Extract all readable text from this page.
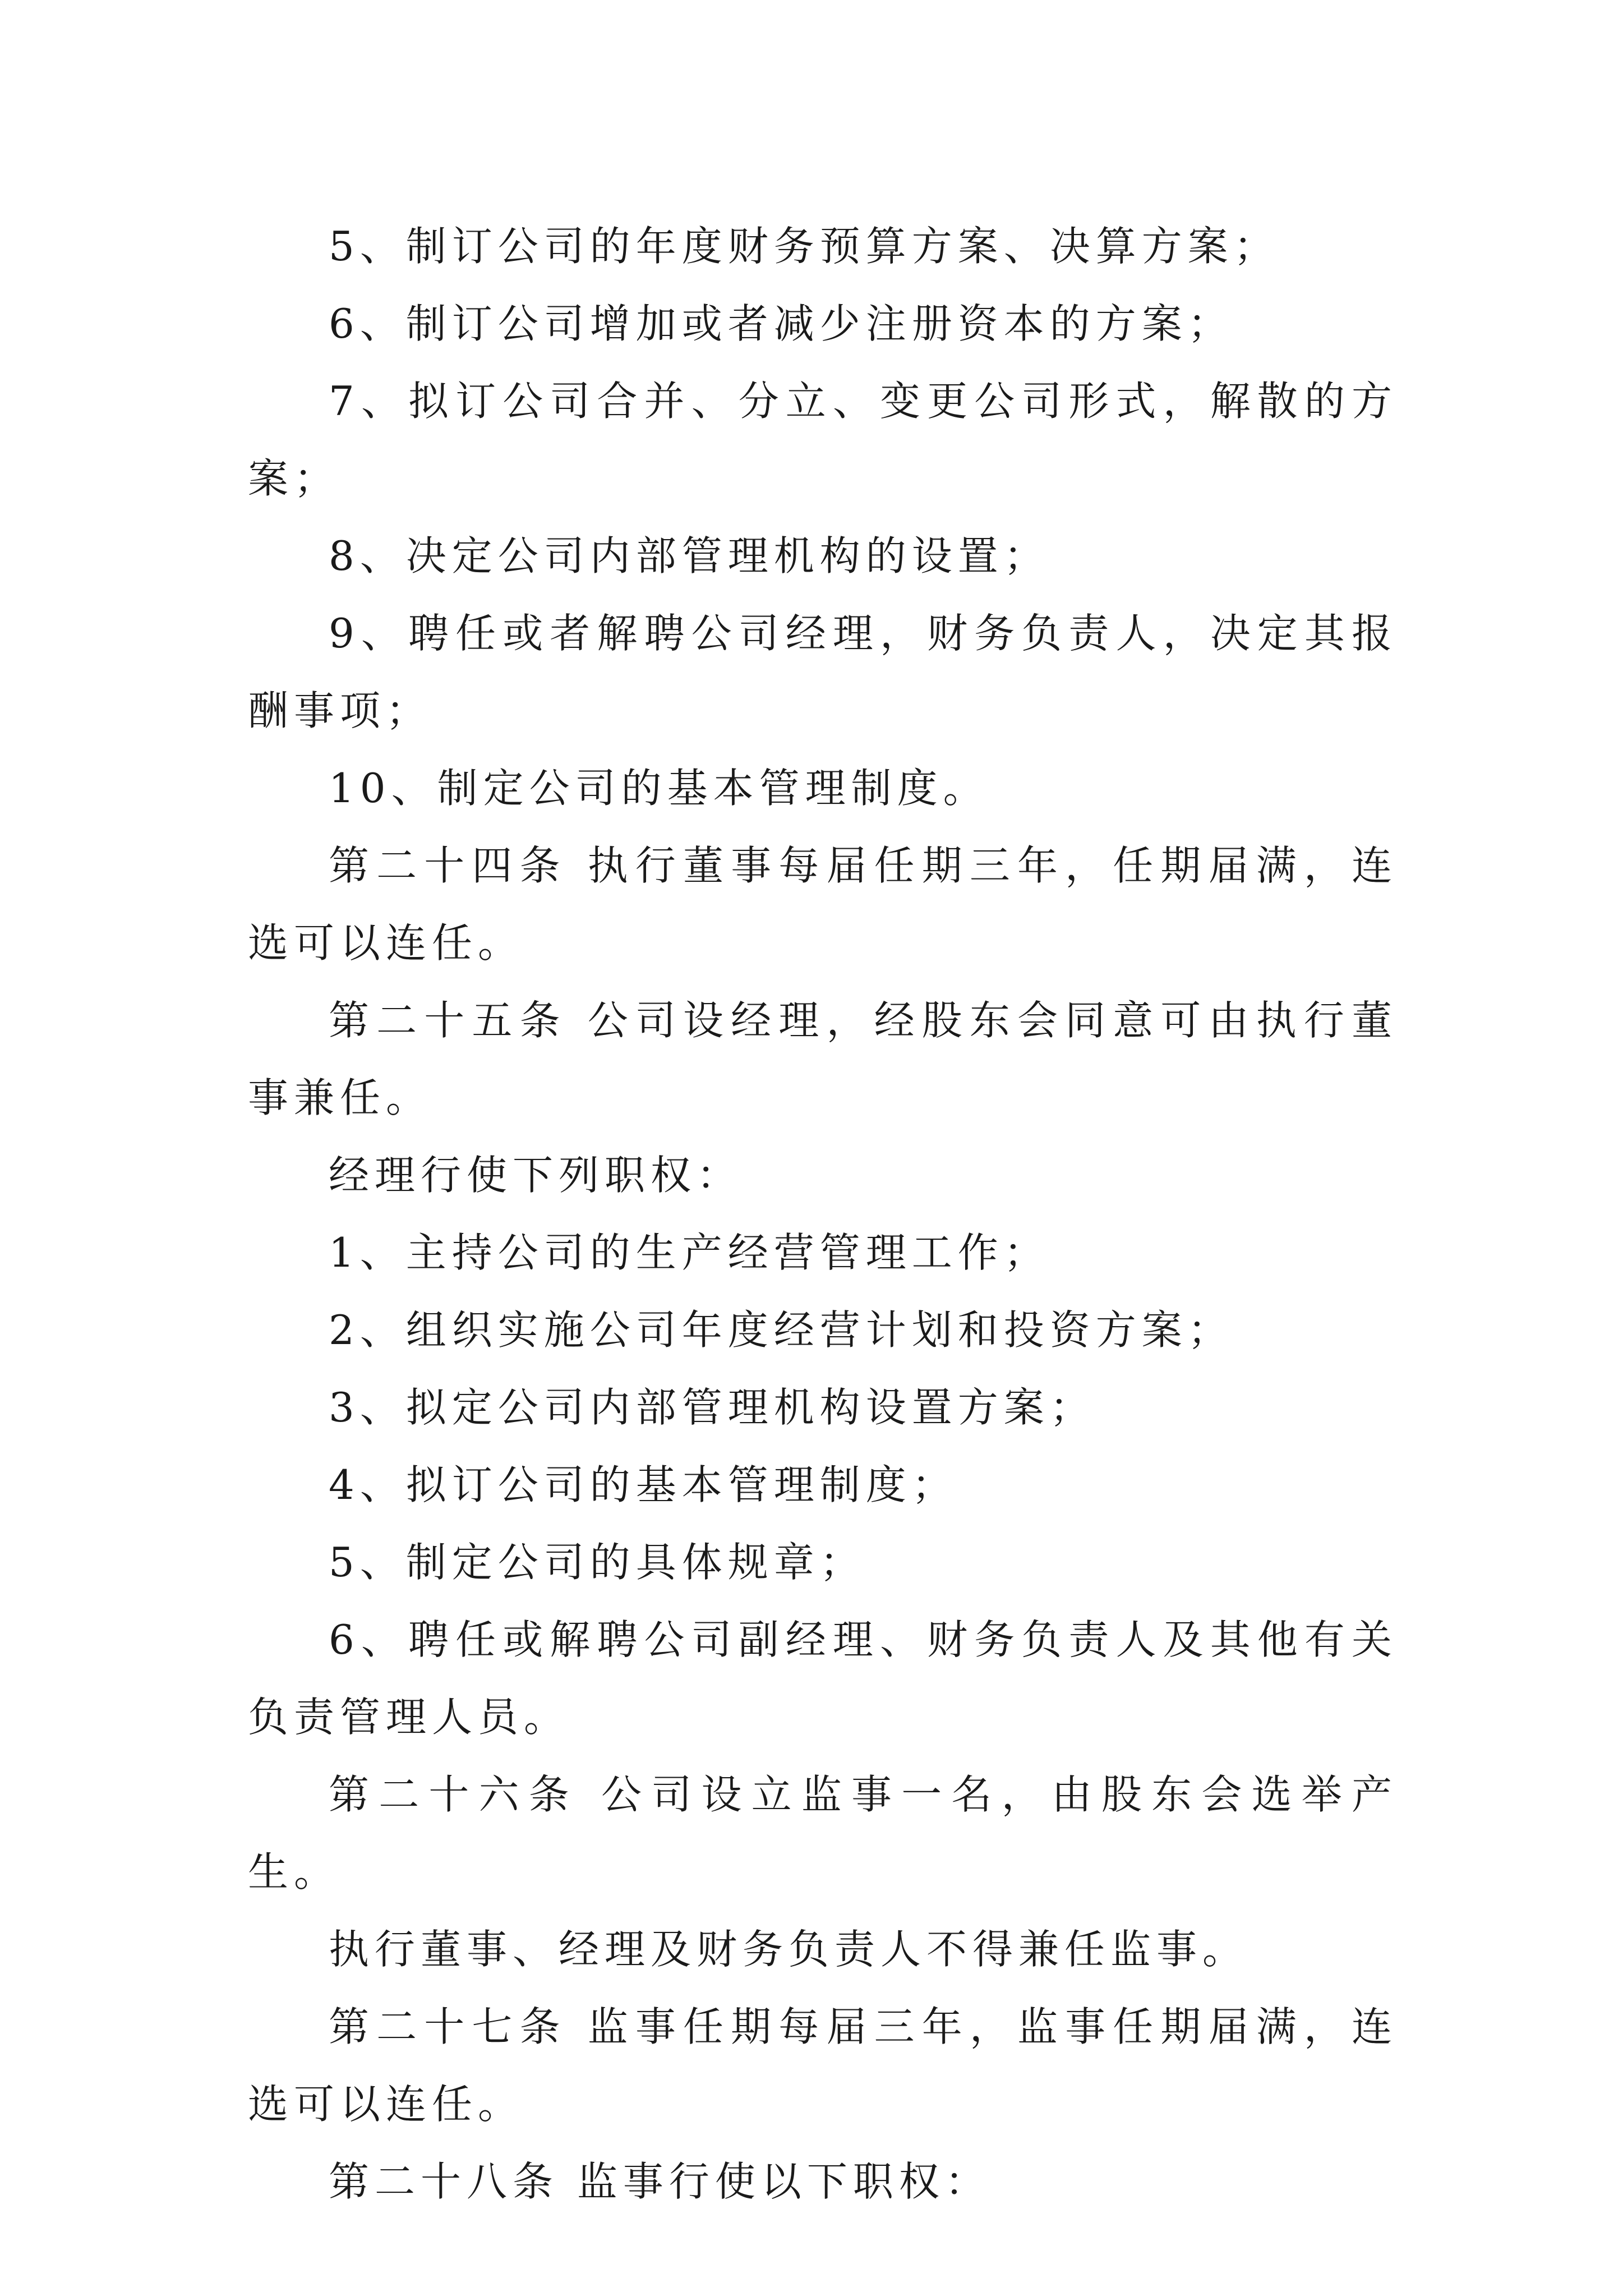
5、制订公司的年度财务预算方案、决算方案；

6、制订公司增加或者减少注册资本的方案；

7、拟订公司合并、分立、变更公司形式，解散的方案；

8、决定公司内部管理机构的设置；

9、聘任或者解聘公司经理，财务负责人，决定其报酬事项；

10、制定公司的基本管理制度。

第二十四条 执行董事每届任期三年，任期届满，连选可以连任。

第二十五条 公司设经理，经股东会同意可由执行董事兼任。

经理行使下列职权：

1、主持公司的生产经营管理工作；

2、组织实施公司年度经营计划和投资方案；

3、拟定公司内部管理机构设置方案；

4、拟订公司的基本管理制度；

5、制定公司的具体规章；

6、聘任或解聘公司副经理、财务负责人及其他有关负责管理人员。

第二十六条 公司设立监事一名，由股东会选举产生。

执行董事、经理及财务负责人不得兼任监事。

第二十七条 监事任期每届三年，监事任期届满，连选可以连任。

第二十八条 监事行使以下职权：
